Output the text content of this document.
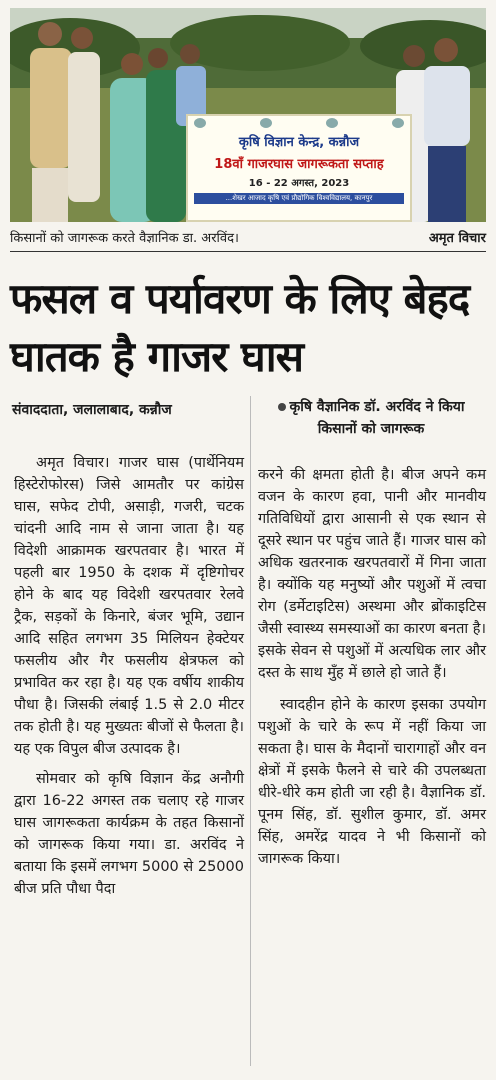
कृषि विज्ञान केन्द्र, कन्नौज
18वाँ गाजरघास जागरूकता सप्ताह
16 - 22 अगस्त, 2023
...शेखर आजाद कृषि एवं प्रौद्योगिक विश्वविद्यालय, कानपुर
किसानों को जागरूक करते वैज्ञानिक डा. अरविंद।	अमृत विचार
फसल व पर्यावरण के लिए बेहद घातक है गाजर घास
संवाददाता, जलालाबाद, कन्नौज	कृषि वैज्ञानिक डॉ. अरविंद ने किया किसानों को जागरूक

अमृत विचार। गाजर घास (पार्थेनियम हिस्टेरोफोरस) जिसे आमतौर पर कांग्रेस घास, सफेद टोपी, असाड़ी, गजरी, चटक चांदनी आदि नाम से जाना जाता है। यह विदेशी आक्रामक खरपतवार है। भारत में पहली बार 1950 के दशक में दृष्टिगोचर होने के बाद यह विदेशी खरपतवार रेलवे ट्रैक, सड़कों के किनारे, बंजर भूमि, उद्यान आदि सहित लगभग 35 मिलियन हेक्टेयर फसलीय और गैर फसलीय क्षेत्रफल को प्रभावित कर रहा है। यह एक वर्षीय शाकीय पौधा है। जिसकी लंबाई 1.5 से 2.0 मीटर तक होती है। यह मुख्यतः बीजों से फैलता है। यह एक विपुल बीज उत्पादक है।

सोमवार को कृषि विज्ञान केंद्र अनौगी द्वारा 16-22 अगस्त तक चलाए रहे गाजर घास जागरूकता कार्यक्रम के तहत किसानों को जागरूक किया गया। डा. अरविंद ने बताया कि इसमें लगभग 5000 से 25000 बीज प्रति पौधा पैदा

करने की क्षमता होती है। बीज अपने कम वजन के कारण हवा, पानी और मानवीय गतिविधियों द्वारा आसानी से एक स्थान से दूसरे स्थान पर पहुंच जाते हैं। गाजर घास को अधिक खतरनाक खरपतवारों में गिना जाता है। क्योंकि यह मनुष्यों और पशुओं में त्वचा रोग (डर्मेटाइटिस) अस्थमा और ब्रोंकाइटिस जैसी स्वास्थ्य समस्याओं का कारण बनता है। इसके सेवन से पशुओं में अत्यधिक लार और दस्त के साथ मुँह में छाले हो जाते हैं।

स्वादहीन होने के कारण इसका उपयोग पशुओं के चारे के रूप में नहीं किया जा सकता है। घास के मैदानों चारागाहों और वन क्षेत्रों में इसके फैलने से चारे की उपलब्धता धीरे-धीरे कम होती जा रही है। वैज्ञानिक डॉ. पूनम सिंह, डॉ. सुशील कुमार, डॉ. अमर सिंह, अमरेंद्र यादव ने भी किसानों को जागरूक किया।
